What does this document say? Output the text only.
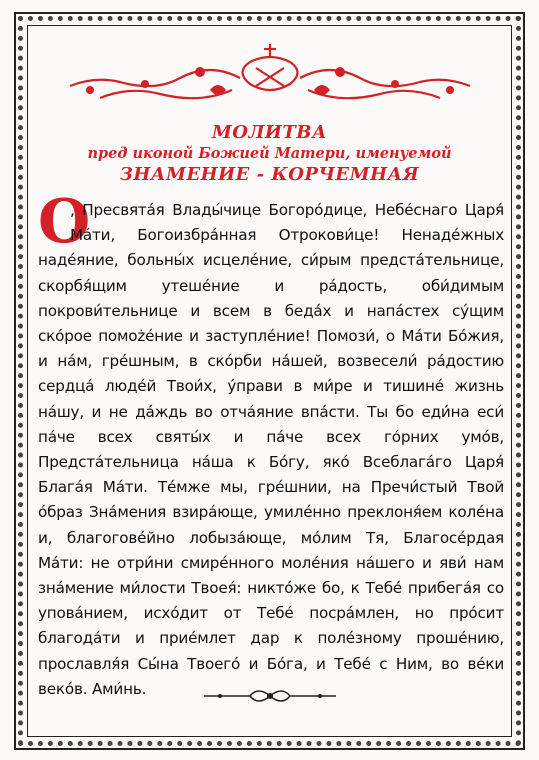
МОЛИТВА
пред иконой Божией Матери, именуемой
ЗНАМЕНИЕ - КОРЧЕМНАЯ
О
, Пресвятáя Влады́чице Богорóдице, Небéснаго Царя́ Мáти, Богоизбрáнная Отрокови́це! Ненадéжных надéяние, больны́х исцелéние, си́рым предстáтельнице, скорбя́щим утешéние и рáдость, оби́димым покрови́тельнице и всем в бедáх и напáстех сýщим скóрое помożéние и заступлéние! Помози́, о Мáти Бóжия, и нáм, грéшным, в скóрби нáшей, возвесели́ рáдостию сердцá людéй Твои́х, ýправи в ми́ре и тишинé жизнь нáшу, и не дáждь во отчáяние впáсти. Ты бо еди́на еси́ пáче всех святы́х и пáче всех гóрних умóв, Предстáтельница нáша к Бóгу, якó Всеблагáго Царя́ Благáя Мáти. Тéмже мы, грéшнии, на Пречи́стый Твой óбраз Знáмения взирáюще, умилéнно преклоня́ем колéна и, благоговéйно лобызáюще, мóлим Тя, Благосéрдая Мáти: не отри́ни смирéнного молéния нáшего и яви́ нам знáмение ми́лости Твоея́: никтóже бо, к Тебé прибегáя со уповáнием, исхóдит от Тебé посрáмлен, но прóсит благодáти и приéмлет дар к полéзному прошéнию, прославля́я Сы́на Твоегó и Бóга, и Тебé с Ним, во вéки векóв. Ами́нь.
